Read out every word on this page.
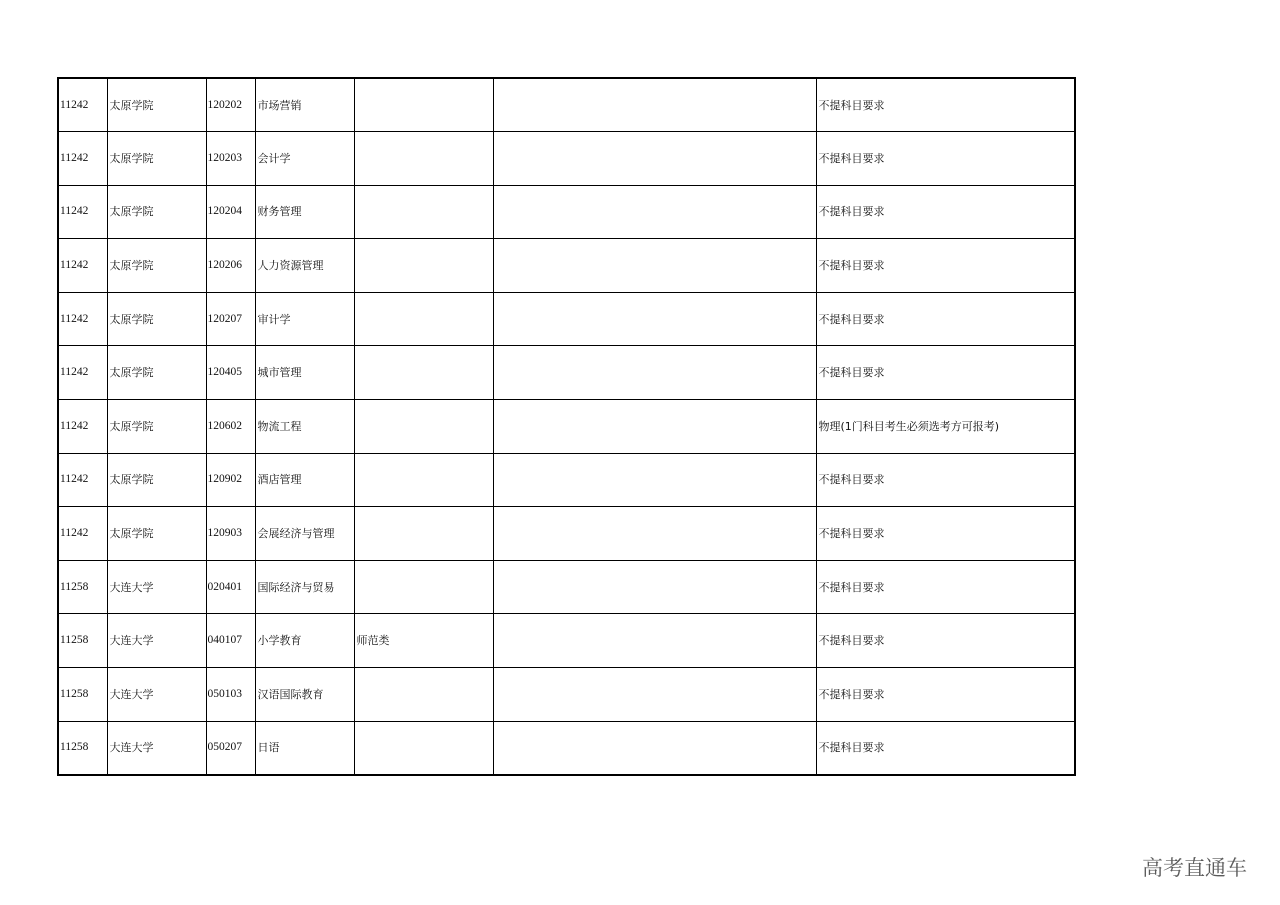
11242	太原学院	120202	市场营销			不提科目要求
11242	太原学院	120203	会计学			不提科目要求
11242	太原学院	120204	财务管理			不提科目要求
11242	太原学院	120206	人力资源管理			不提科目要求
11242	太原学院	120207	审计学			不提科目要求
11242	太原学院	120405	城市管理			不提科目要求
11242	太原学院	120602	物流工程			物理(1门科目考生必须选考方可报考)
11242	太原学院	120902	酒店管理			不提科目要求
11242	太原学院	120903	会展经济与管理			不提科目要求
11258	大连大学	020401	国际经济与贸易			不提科目要求
11258	大连大学	040107	小学教育	师范类		不提科目要求
11258	大连大学	050103	汉语国际教育			不提科目要求
11258	大连大学	050207	日语			不提科目要求
高考直通车
